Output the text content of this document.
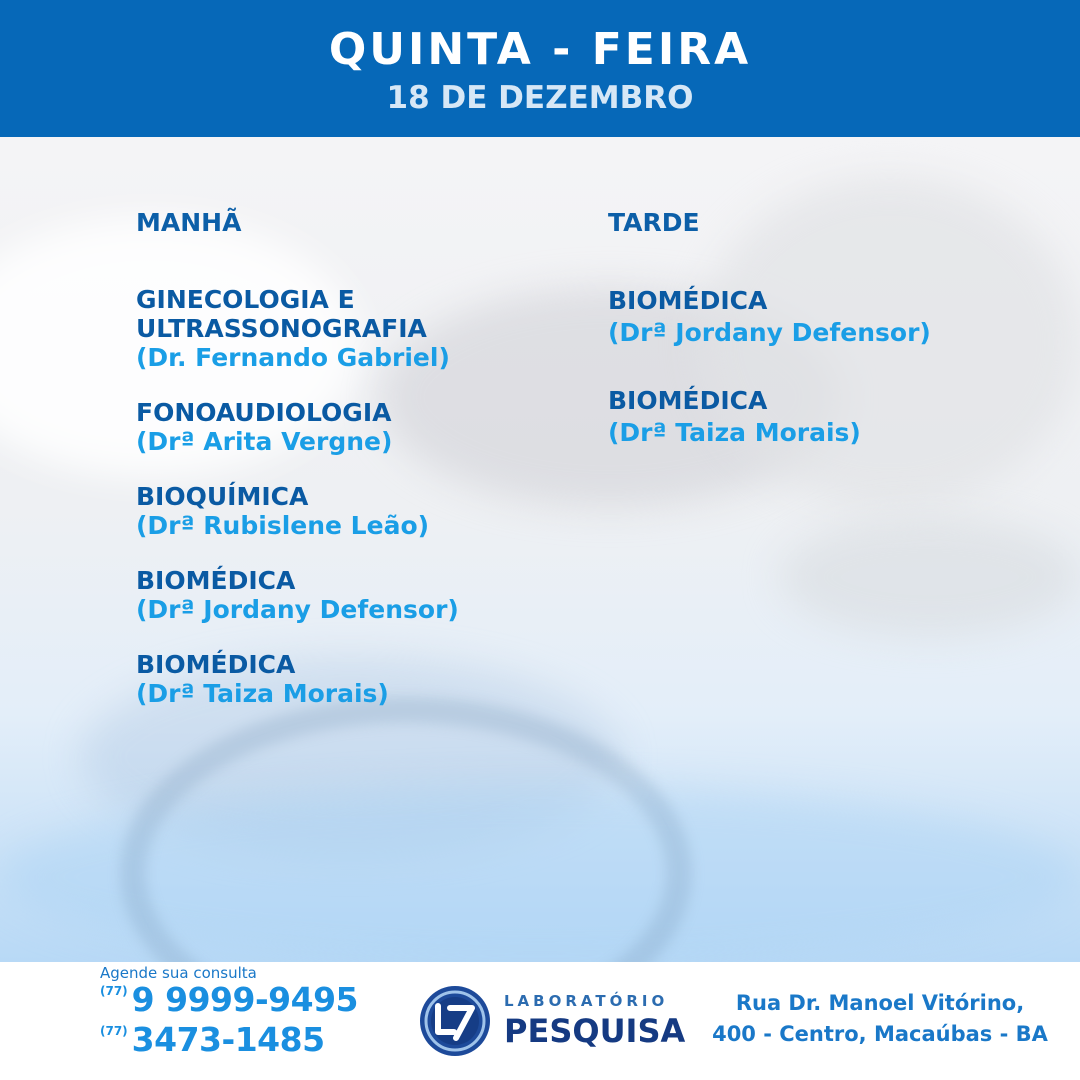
QUINTA - FEIRA
18 DE DEZEMBRO
MANHÃ
GINECOLOGIA E
ULTRASSONOGRAFIA
(Dr. Fernando Gabriel)
FONOAUDIOLOGIA
(Drª Arita Vergne)
BIOQUÍMICA
(Drª Rubislene Leão)
BIOMÉDICA
(Drª Jordany Defensor)
BIOMÉDICA
(Drª Taiza Morais)
TARDE
BIOMÉDICA
(Drª Jordany Defensor)
BIOMÉDICA
(Drª Taiza Morais)
Agende sua consulta
$^{(77)}$ 9 9999-9495
$^{(77)}$ 3473-1485
LABORATÓRIO
PESQUISA
Rua Dr. Manoel Vitórino,
400 - Centro, Macaúbas - BA
